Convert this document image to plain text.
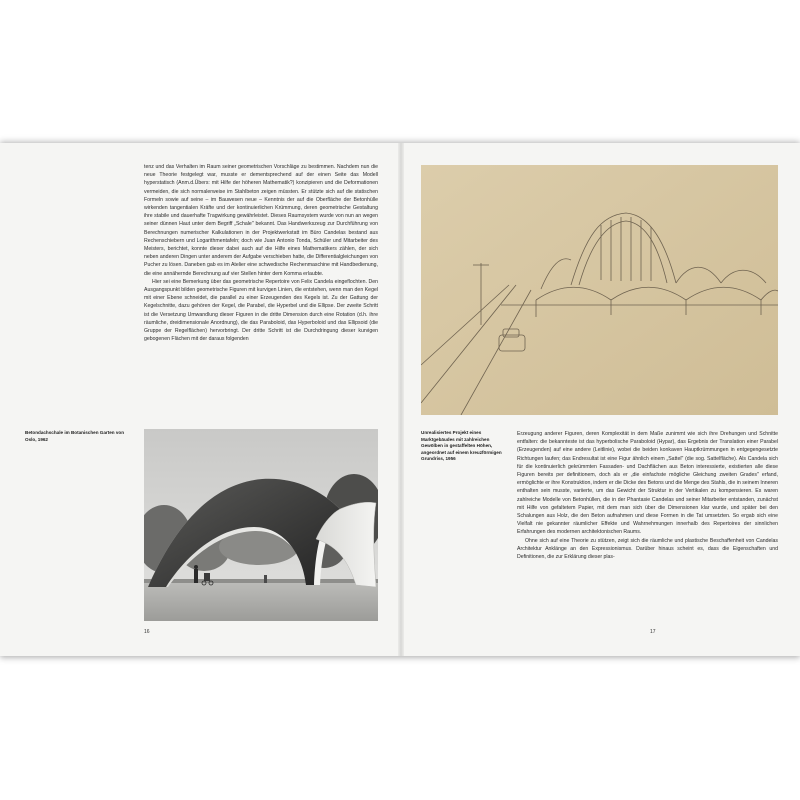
tenz und das Verhalten im Raum seiner geometrischen Vorschläge zu bestimmen. Nachdem nun die neue Theorie festgelegt war, musste er dementsprechend auf der einen Seite das Modell hyperstatisch (Anm.d.Übers: mit Hilfe der höheren Mathematik?) konzipieren und die Deformationen vermeiden, die sich normalerweise im Stahlbeton zeigen müssten. Er stützte sich auf die statischen Formeln sowie auf seine – im Bauwesen neue – Kenntnis der auf die Oberfläche der Betonhülle wirkenden tangentialen Kräfte und der kontinuierlichen Krümmung, deren geometrische Gestaltung ihre stabile und dauerhafte Tragwirkung gewährleistet. Dieses Raumsystem wurde von nun an wegen seiner dünnen Haut unter dem Begriff „Schale" bekannt. Das Handwerkszeug zur Durchführung von Berechnungen numerischer Kalkulationen in der Projektwerkstatt im Büro Candelas bestand aus Rechenschiebern und Logarithmentafeln; doch wie Juan Antonio Tonda, Schüler und Mitarbeiter des Meisters, berichtet, konnte dieser dabei auch auf die Hilfe eines Mathematikers zählen, der sich neben anderen Dingen unter anderem der Aufgabe verschieben hatte, die Differentialgleichungen von Pucher zu lösen. Daneben gab es im Atelier eine schwedische Rechenmaschine mit Handbedienung, die eine annähernde Berechnung auf vier Stellen hinter dem Komma erlaubte.

Hier sei eine Bemerkung über das geometrische Repertoire von Felix Candela eingeflochten. Den Ausgangspunkt bilden geometrische Figuren mit kurvigen Linien, die entstehen, wenn man den Kegel mit einer Ebene schneidet, die parallel zu einer Erzeugenden des Kegels ist. Zu der Gattung der Kegelschnitte, dazu gehören der Kegel, die Parabel, die Hyperbel und die Ellipse. Der zweite Schritt ist die Versetzung Umwandlung dieser Figuren in die dritte Dimension durch eine Rotation (d.h. ihre räumliche, dreidimensionale Anordnung), die das Paraboloid, das Hyperboloid und das Ellipsoid (die Gruppe der Regelflächen) hervorbringt. Der dritte Schritt ist die Durchdringung dieser kurvigen gebogenen Flächen mit der daraus folgenden

Betondachschale im Botanischen Garten von Oslo, 1962

16

Unrealisiertes Projekt eines Marktgebäudes mit zahlreichen Gewölben in gestaffelten Höhen, angeordnet auf einem kreuzförmigen Grundriss, 1956

Erzeugung anderer Figuren, deren Komplexität in dem Maße zunimmt wie sich ihre Drehungen und Schnitte entfalten: die bekannteste ist das hyperbolische Paraboloid (Hypar), das Ergebnis der Translation einer Parabel (Erzeugenden) auf eine andere (Leitlinie), wobei die beiden konkaven Hauptkrümmungen in entgegengesetzte Richtungen laufen; das Endresultat ist eine Figur ähnlich einem „Sattel" (die sog. Sattelfläche). Als Candela sich für die kontinuierlich gekrümmten Fassaden- und Dachflächen aus Beton interessierte, existierten alle diese Figuren bereits per definitionem, doch als er „die einfachste mögliche Gleichung zweiten Grades" erfand, ermöglichte er ihre Konstruktion, indem er die Dicke des Betons und die Menge des Stahls, die in seinem Inneren enthalten sein musste, variierte, um das Gewicht der Struktur in der Vertikalen zu kompensieren. Es waren zahlreiche Modelle von Betonhüllen, die in der Phantasie Candelas und seiner Mitarbeiter entstanden, zunächst mit Hilfe von gefaltetem Papier, mit dem man sich über die Dimensionen klar wurde, und später bei den Schalungen aus Holz, die den Beton aufnahmen und diese Formen in die Tat umsetzten. So ergab sich eine Vielfalt nie gekannter räumlicher Effekte und Wahrnehmungen innerhalb des Repertoires der sinnlichen Erfahrungen des modernen architektonischen Raums.

Ohne sich auf eine Theorie zu stützen, zeigt sich die räumliche und plastische Beschaffenheit von Candelas Architektur Anklänge an den Expressionismus. Darüber hinaus scheint es, dass die Eigenschaften und Definitionen, die zur Erklärung dieser plas-

17
